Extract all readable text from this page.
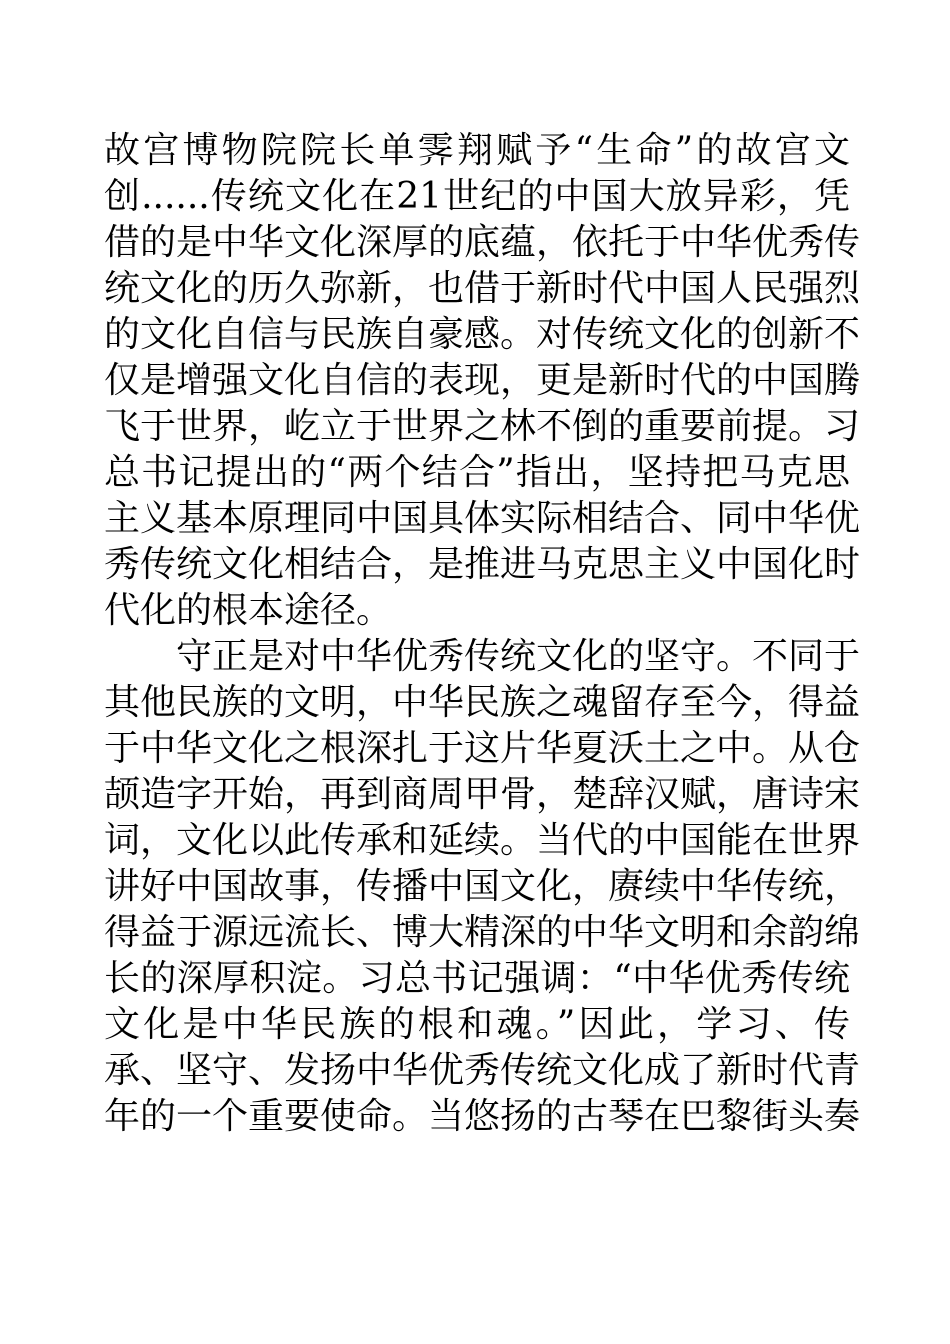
故宫博物院院长单霁翔赋予“生命”的故宫文
创......传统文化在21世纪的中国大放异彩，凭
借的是中华文化深厚的底蕴，依托于中华优秀传
统文化的历久弥新，也借于新时代中国人民强烈
的文化自信与民族自豪感。对传统文化的创新不
仅是增强文化自信的表现，更是新时代的中国腾
飞于世界，屹立于世界之林不倒的重要前提。习
总书记提出的“两个结合”指出，坚持把马克思
主义基本原理同中国具体实际相结合、同中华优
秀传统文化相结合，是推进马克思主义中国化时
代化的根本途径。
守正是对中华优秀传统文化的坚守。不同于
其他民族的文明，中华民族之魂留存至今，得益
于中华文化之根深扎于这片华夏沃土之中。从仓
颉造字开始，再到商周甲骨，楚辞汉赋，唐诗宋
词，文化以此传承和延续。当代的中国能在世界
讲好中国故事，传播中国文化，赓续中华传统，
得益于源远流长、博大精深的中华文明和余韵绵
长的深厚积淀。习总书记强调：“中华优秀传统
文化是中华民族的根和魂。”因此，学习、传
承、坚守、发扬中华优秀传统文化成了新时代青
年的一个重要使命。当悠扬的古琴在巴黎街头奏
